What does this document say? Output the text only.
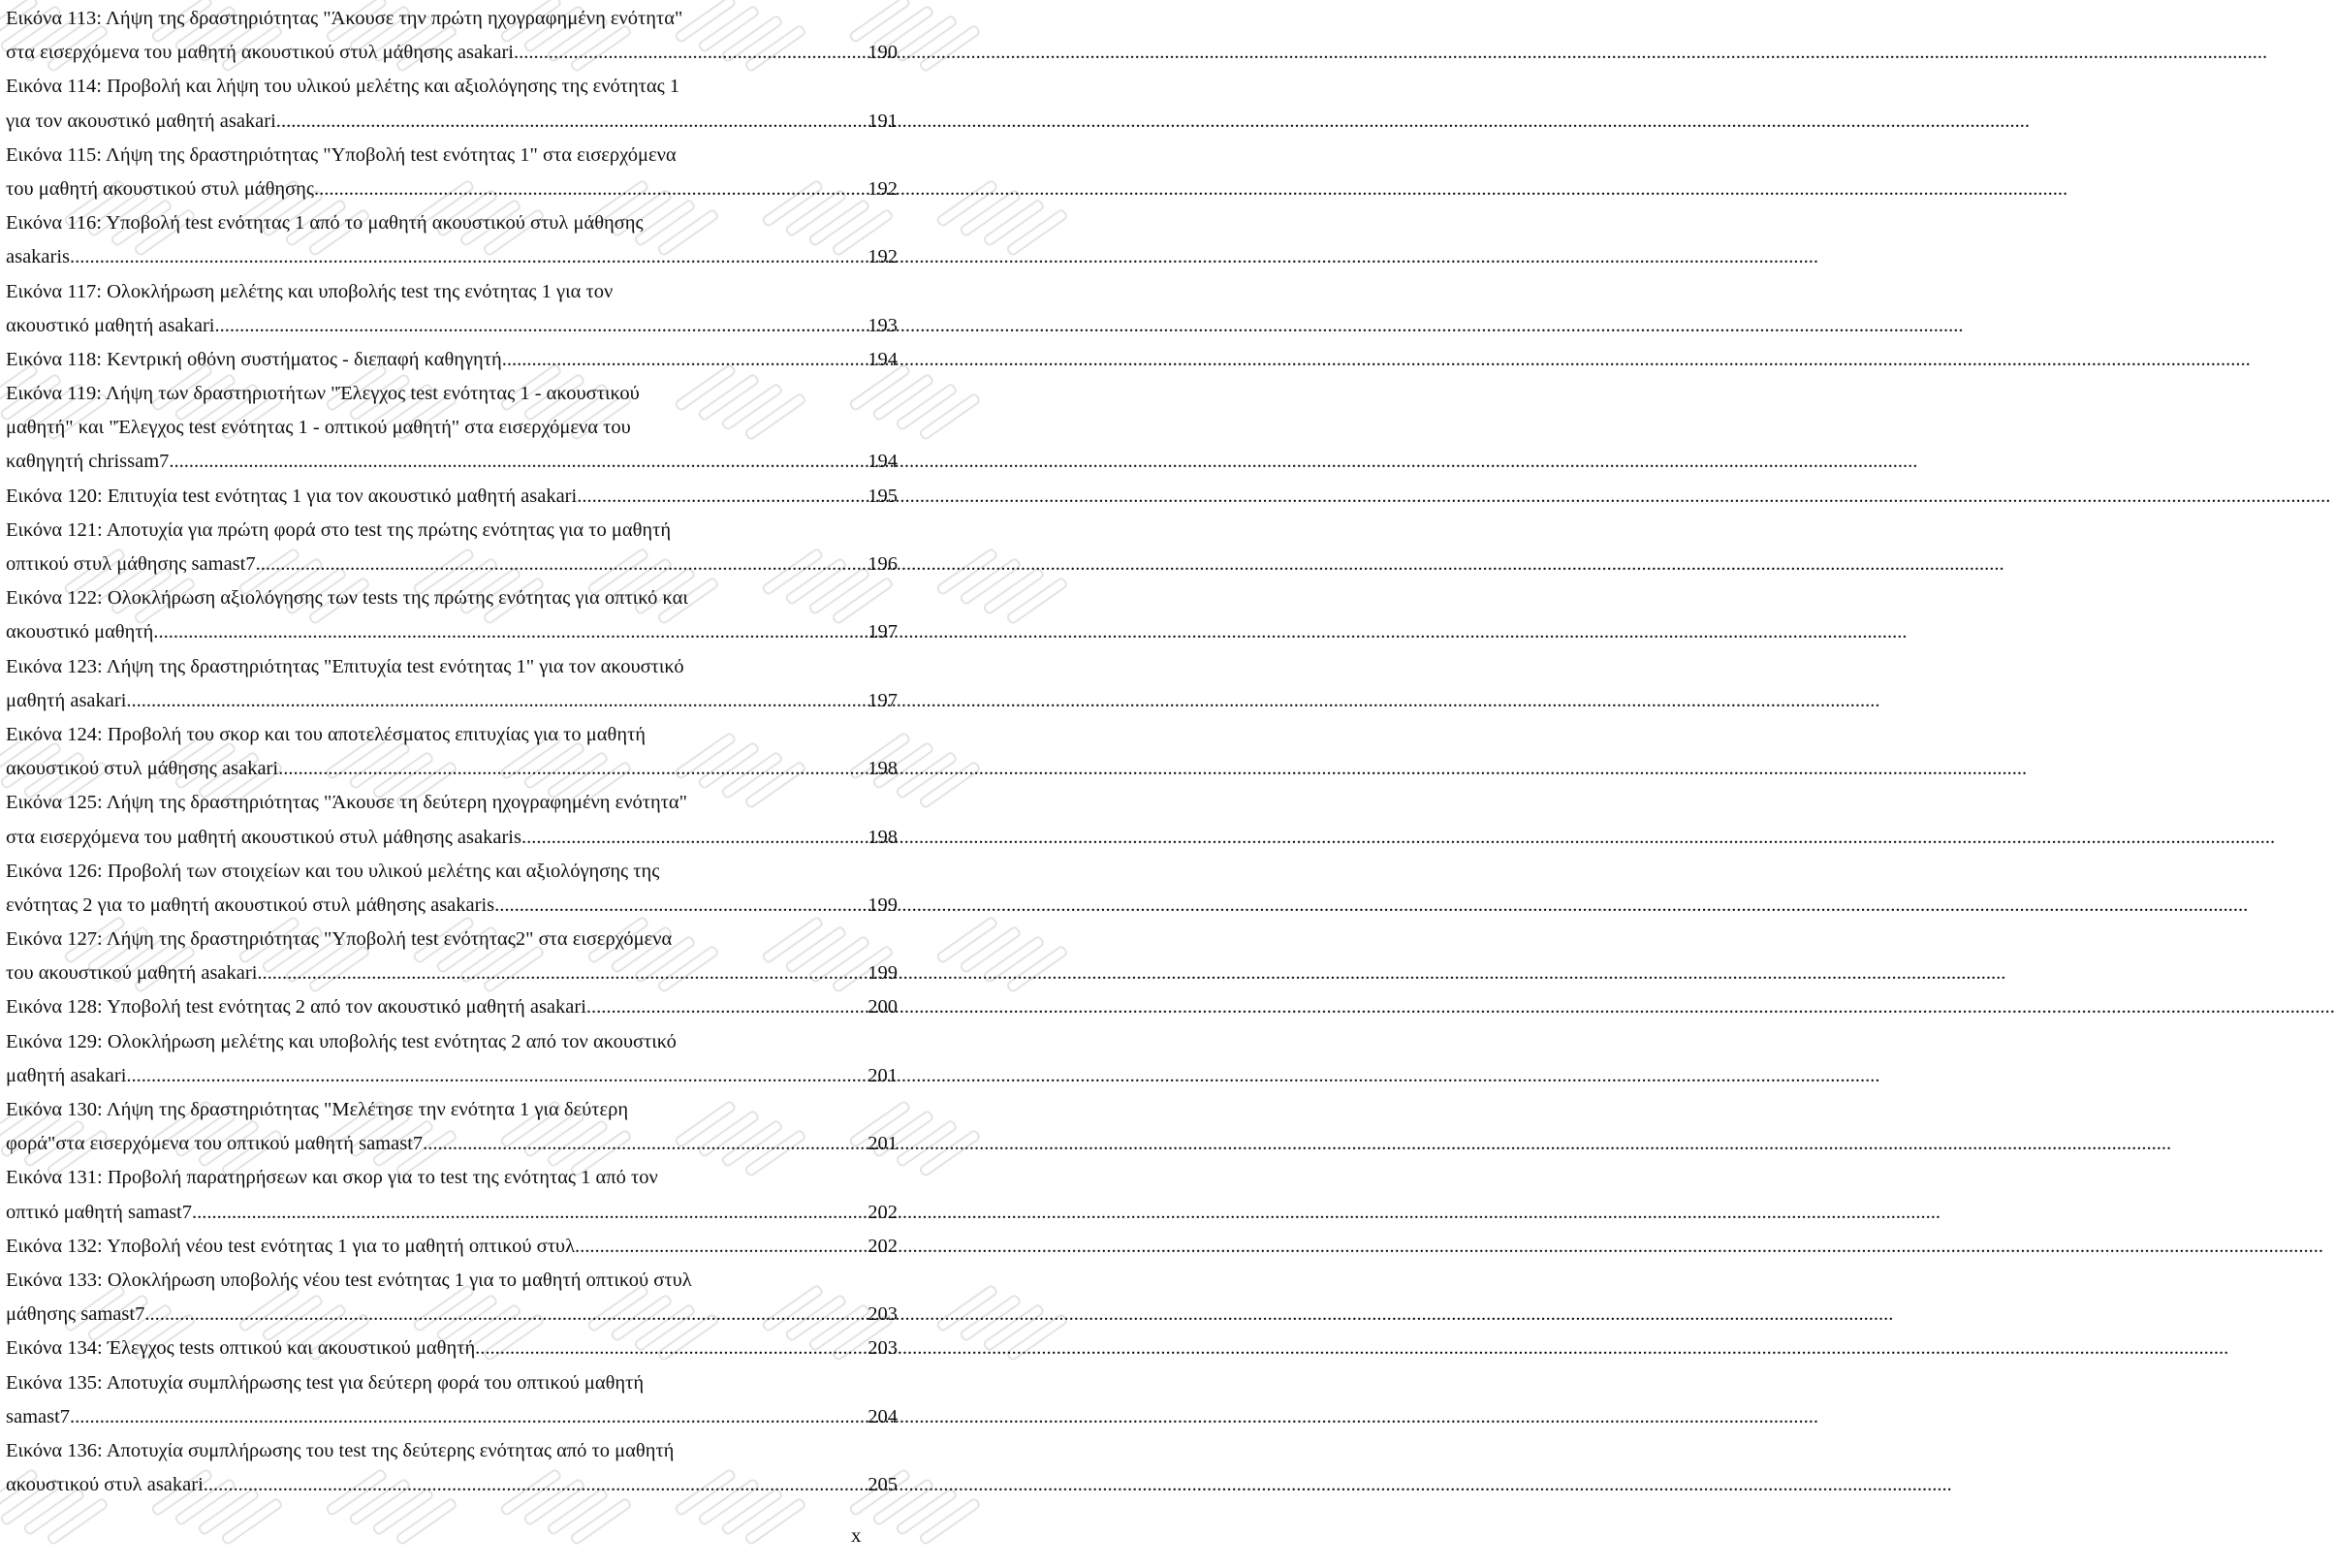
Εικόνα 113: Λήψη της δραστηριότητας "Άκουσε την πρώτη ηχογραφημένη ενότητα"
στα εισερχόμενα του μαθητή ακουστικού στυλ μάθησης asakari. .....	190
Εικόνα 114: Προβολή και λήψη του υλικού μελέτης και αξιολόγησης της ενότητας 1
για τον ακουστικό μαθητή asakari. .....	191
Εικόνα 115: Λήψη της δραστηριότητας "Υποβολή test ενότητας 1" στα εισερχόμενα
του μαθητή ακουστικού στυλ μάθησης. .....	192
Εικόνα 116: Υποβολή test ενότητας 1 από το μαθητή ακουστικού στυλ μάθησης
asakaris .....	192
Εικόνα 117: Ολοκλήρωση μελέτης και υποβολής test της ενότητας 1 για τον
ακουστικό μαθητή asakari .....	193
Εικόνα 118: Κεντρική οθόνη συστήματος - διεπαφή καθηγητή .....	194
Εικόνα 119: Λήψη των δραστηριοτήτων "Έλεγχος test ενότητας 1 - ακουστικού
μαθητή" και "Έλεγχος test ενότητας 1 - οπτικού μαθητή" στα εισερχόμενα του
καθηγητή chrissam7 .....	194
Εικόνα 120: Επιτυχία test ενότητας 1 για τον ακουστικό μαθητή asakari. .....	195
Εικόνα 121: Αποτυχία για πρώτη φορά στο test της πρώτης ενότητας για το μαθητή
οπτικού στυλ μάθησης samast7 .....	196
Εικόνα 122: Ολοκλήρωση αξιολόγησης των tests της πρώτης ενότητας για οπτικό και
ακουστικό μαθητή. .....	197
Εικόνα 123: Λήψη της δραστηριότητας "Επιτυχία test ενότητας 1" για τον ακουστικό
μαθητή asakari. .....	197
Εικόνα 124: Προβολή του σκορ και του αποτελέσματος επιτυχίας για το μαθητή
ακουστικού στυλ μάθησης asakari .....	198
Εικόνα 125: Λήψη της δραστηριότητας "Άκουσε τη δεύτερη ηχογραφημένη ενότητα"
στα εισερχόμενα του μαθητή ακουστικού στυλ μάθησης asakaris. .....	198
Εικόνα 126: Προβολή των στοιχείων και του υλικού μελέτης και αξιολόγησης της
ενότητας 2 για το μαθητή ακουστικού στυλ μάθησης asakaris. .....	199
Εικόνα 127: Λήψη της δραστηριότητας "Υποβολή test ενότητας2" στα εισερχόμενα
του ακουστικού μαθητή asakari .....	199
Εικόνα 128: Υποβολή test ενότητας 2 από τον ακουστικό μαθητή asakari .....	200
Εικόνα 129: Ολοκλήρωση μελέτης και υποβολής test ενότητας 2 από τον ακουστικό
μαθητή asakari. .....	201
Εικόνα 130: Λήψη της δραστηριότητας "Μελέτησε την ενότητα 1 για δεύτερη
φορά"στα εισερχόμενα του οπτικού μαθητή samast7 .....	201
Εικόνα 131: Προβολή παρατηρήσεων και σκορ για το test της ενότητας 1 από τον
οπτικό μαθητή samast7 .....	202
Εικόνα 132: Υποβολή νέου test ενότητας 1 για το μαθητή οπτικού στυλ .....	202
Εικόνα 133: Ολοκλήρωση υποβολής νέου test ενότητας 1 για το μαθητή οπτικού στυλ
μάθησης samast7 .....	203
Εικόνα 134: Έλεγχος tests οπτικού και ακουστικού μαθητή. .....	203
Εικόνα 135: Αποτυχία συμπλήρωσης test για δεύτερη φορά του οπτικού μαθητή
samast7 .....	204
Εικόνα 136: Αποτυχία συμπλήρωσης του test της δεύτερης ενότητας από το μαθητή
ακουστικού στυλ asakari .....	205
x
